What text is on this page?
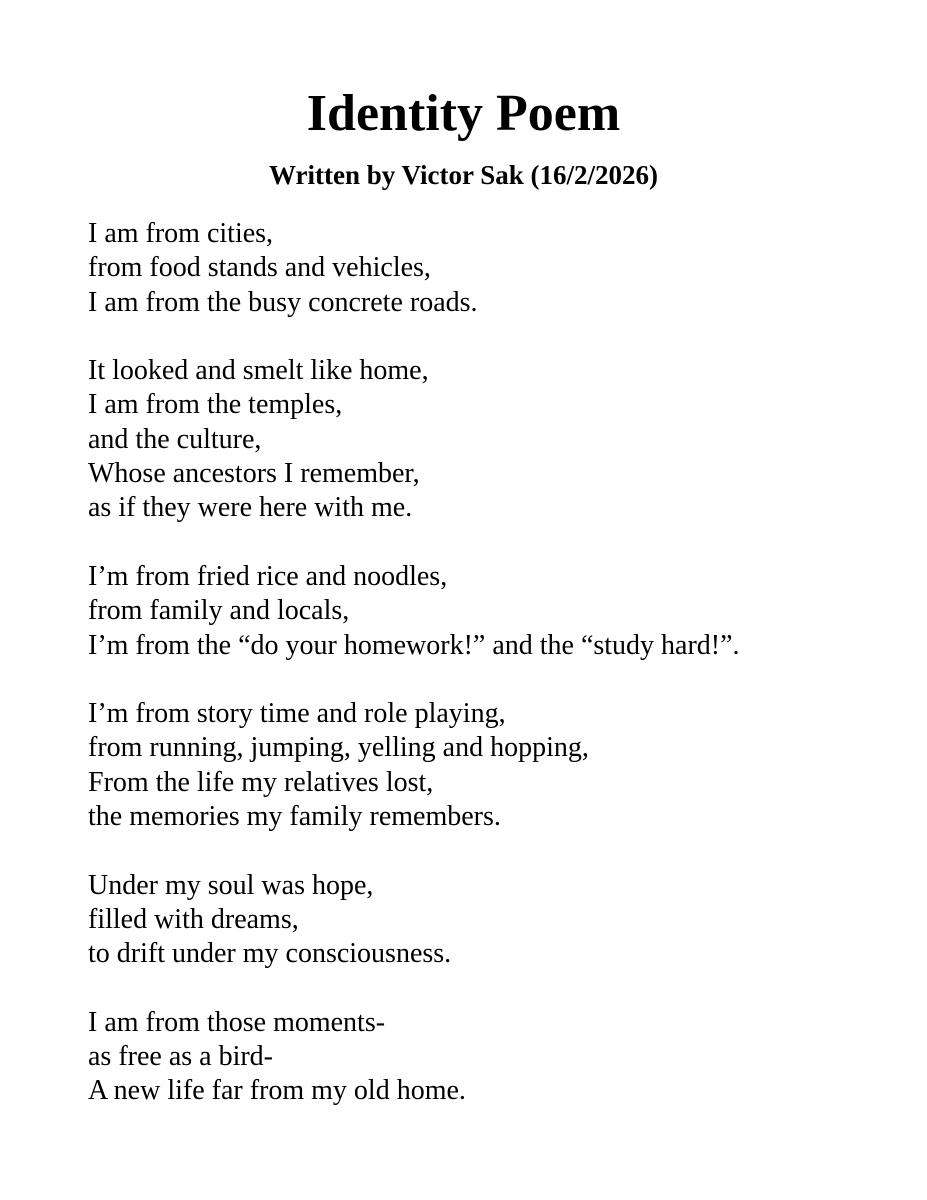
Identity Poem
Written by Victor Sak (16/2/2026)
I am from cities,
from food stands and vehicles,
I am from the busy concrete roads.
It looked and smelt like home,
I am from the temples,
and the culture,
Whose ancestors I remember,
as if they were here with me.
I’m from fried rice and noodles,
from family and locals,
I’m from the “do your homework!” and the “study hard!”.
I’m from story time and role playing,
from running, jumping, yelling and hopping,
From the life my relatives lost,
the memories my family remembers.
Under my soul was hope,
filled with dreams,
to drift under my consciousness.
I am from those moments-
as free as a bird-
A new life far from my old home.
